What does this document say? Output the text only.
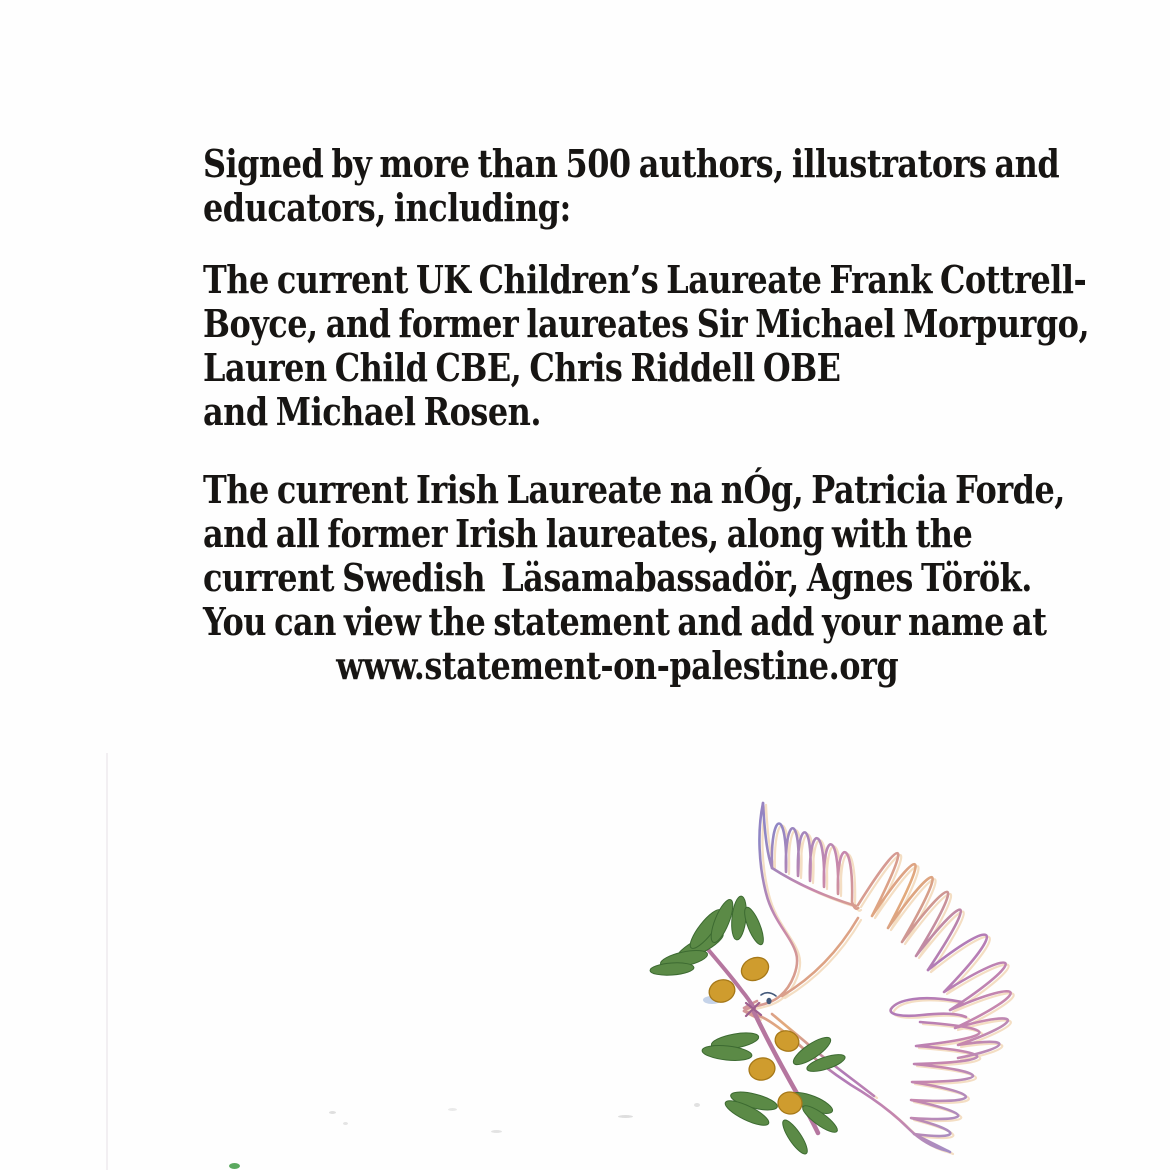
Signed by more than 500 authors, illustrators and
educators, including:

The current UK Children’s Laureate Frank Cottrell-
Boyce, and former laureates Sir Michael Morpurgo,
Lauren Child CBE, Chris Riddell OBE
and Michael Rosen.

The current Irish Laureate na nÓg, Patricia Forde,
and all former Irish laureates, along with the
current Swedish  Läsamabassadör, Agnes Török.

You can view the statement and add your name at
www.statement-on-palestine.org
